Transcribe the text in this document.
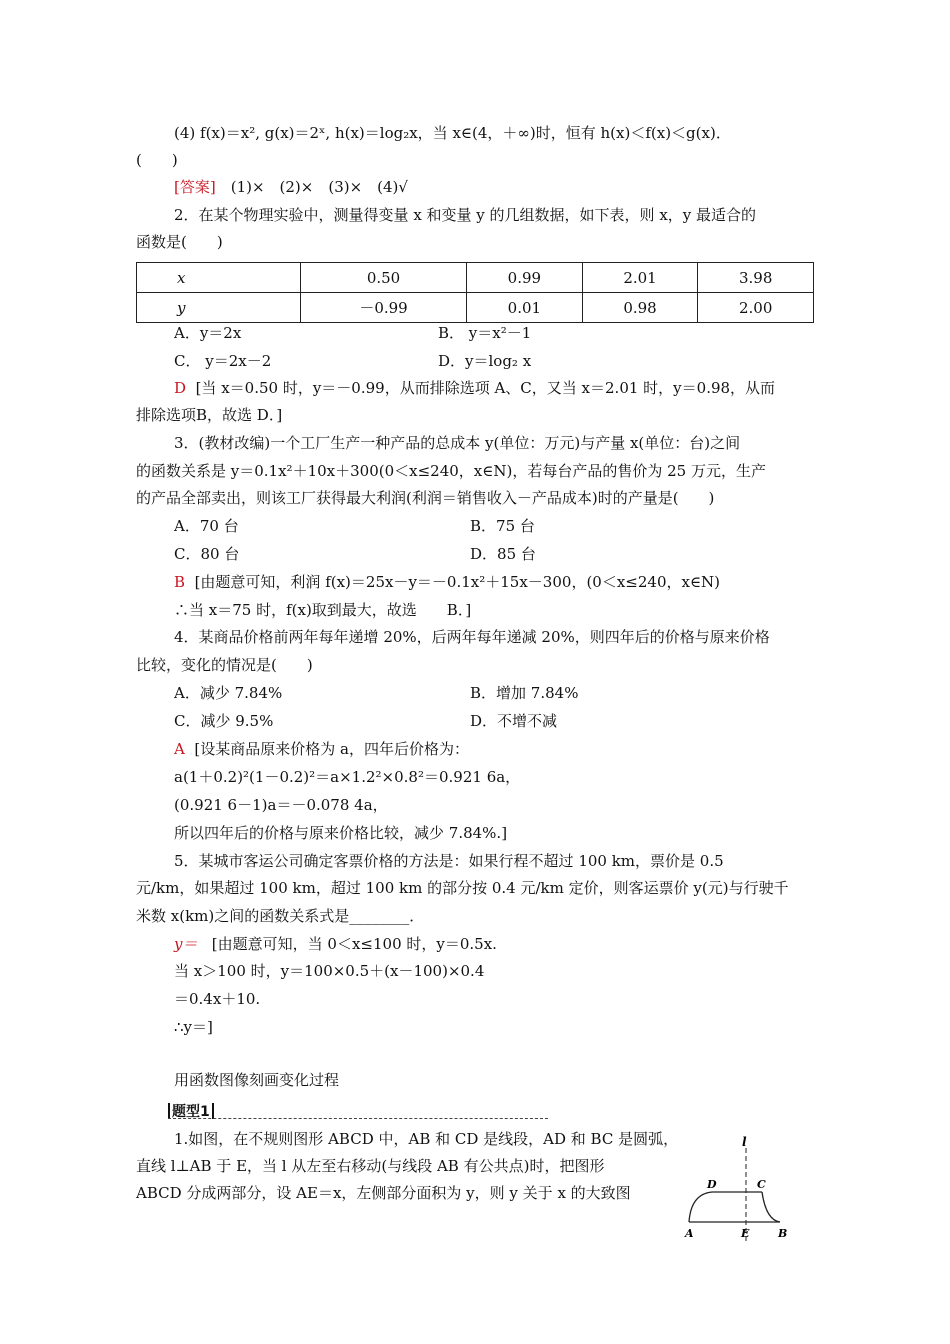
(4) f(x)＝x², g(x)＝2ˣ, h(x)＝log₂x，当 x∈(4，＋∞)时，恒有 h(x)＜f(x)＜g(x)．
(　　)
[答案]　(1)×　(2)×　(3)×　(4)√
2．在某个物理实验中，测量得变量 x 和变量 y 的几组数据，如下表，则 x，y 最适合的
函数是(　　)
x	0.50	0.99	2.01	3.98
y	－0.99	0.01	0.98	2.00
A．y＝2x	B． y＝x²－1
C． y＝2x－2	D．y＝log₂ x
D [当 x＝0.50 时，y＝－0.99，从而排除选项 A、C，又当 x＝2.01 时，y＝0.98，从而
排除选项B，故选 D．]
3．(教材改编)一个工厂生产一种产品的总成本 y(单位：万元)与产量 x(单位：台)之间
的函数关系是 y＝0.1x²＋10x＋300(0＜x≤240，x∈N)，若每台产品的售价为 25 万元，生产
的产品全部卖出，则该工厂获得最大利润(利润＝销售收入－产品成本)时的产量是(　　)
A．70 台	B．75 台
C．80 台	D．85 台
B [由题意可知，利润 f(x)＝25x－y＝－0.1x²＋15x－300，(0＜x≤240，x∈N)
∴当 x＝75 时，f(x)取到最大，故选　　B．]
4．某商品价格前两年每年递增 20%，后两年每年递减 20%，则四年后的价格与原来价格
比较，变化的情况是(　　)
A．减少 7.84%	B．增加 7.84%
C．减少 9.5%	D．不增不减
A [设某商品原来价格为 a，四年后价格为：
a(1＋0.2)²(1－0.2)²＝a×1.2²×0.8²＝0.921 6a，
(0.921 6－1)a＝－0.078 4a，
所以四年后的价格与原来价格比较，减少 7.84%.]
5．某城市客运公司确定客票价格的方法是：如果行程不超过 100 km，票价是 0.5
元/km，如果超过 100 km，超过 100 km 的部分按 0.4 元/km 定价，则客运票价 y(元)与行驶千
米数 x(km)之间的函数关系式是________．
y＝ [由题意可知，当 0＜x≤100 时，y＝0.5x.
当 x＞100 时，y＝100×0.5＋(x－100)×0.4
＝0.4x＋10.
∴y＝]
用函数图像刻画变化过程
题型1
1.如图，在不规则图形 ABCD 中，AB 和 CD 是线段，AD 和 BC 是圆弧，
直线 l⊥AB 于 E，当 l 从左至右移动(与线段 AB 有公共点)时，把图形
ABCD 分成两部分，设 AE＝x，左侧部分面积为 y，则 y 关于 x 的大致图
l
D	C
A	E	B
